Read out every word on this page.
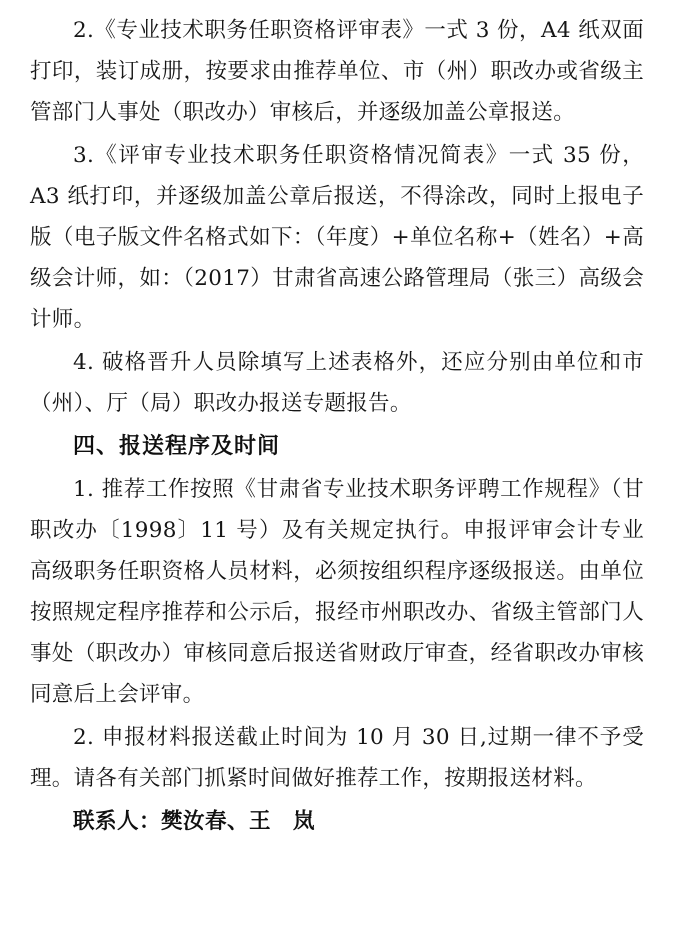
2.《专业技术职务任职资格评审表》一式 3 份，A4 纸双面打印，装订成册，按要求由推荐单位、市（州）职改办或省级主管部门人事处（职改办）审核后，并逐级加盖公章报送。

3.《评审专业技术职务任职资格情况简表》一式 35 份， A3 纸打印，并逐级加盖公章后报送，不得涂改，同时上报电子版（电子版文件名格式如下：（年度）+单位名称+（姓名）+高级会计师，如：（2017）甘肃省高速公路管理局（张三）高级会计师。

4. 破格晋升人员除填写上述表格外，还应分别由单位和市（州）、厅（局）职改办报送专题报告。

四、报送程序及时间

1. 推荐工作按照《甘肃省专业技术职务评聘工作规程》（甘职改办〔1998〕11 号）及有关规定执行。申报评审会计专业高级职务任职资格人员材料，必须按组织程序逐级报送。由单位按照规定程序推荐和公示后，报经市州职改办、省级主管部门人事处（职改办）审核同意后报送省财政厅审查，经省职改办审核同意后上会评审。

2. 申报材料报送截止时间为 10 月 30 日,过期一律不予受理。请各有关部门抓紧时间做好推荐工作，按期报送材料。

联系人：樊汝春、王　岚
